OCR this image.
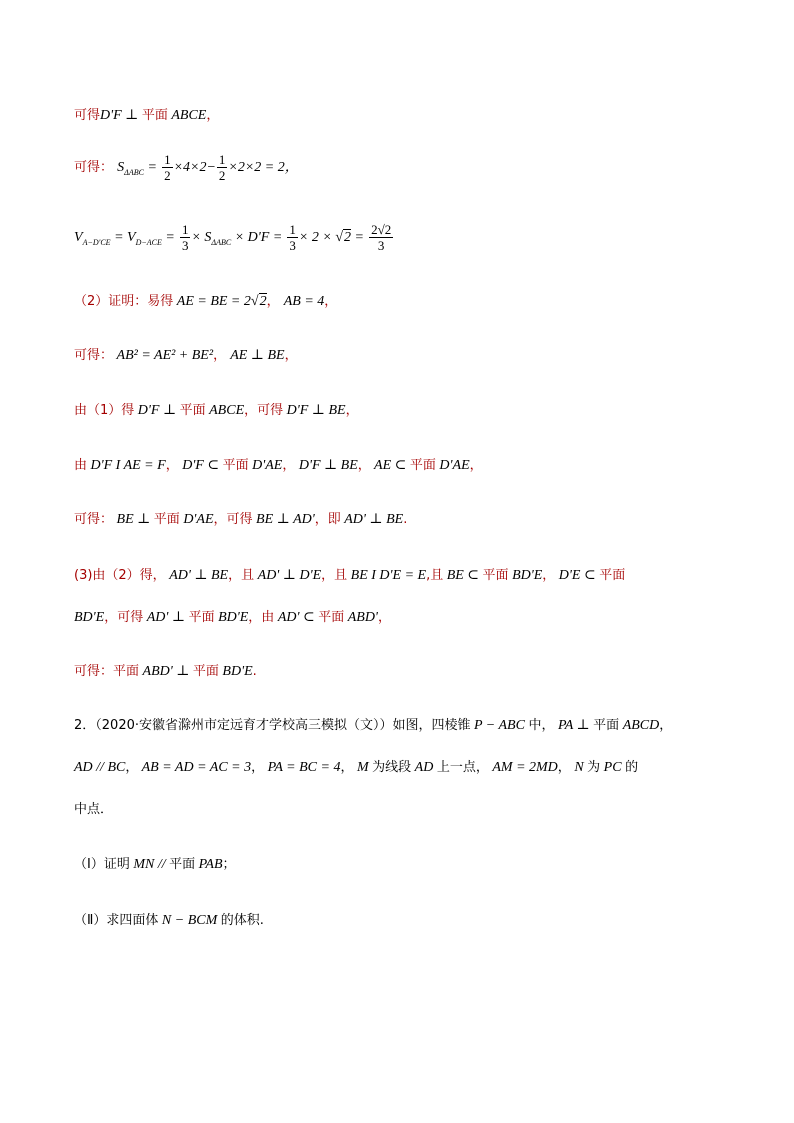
可得D'F ⊥ 平面 ABCE，
可得： $S_{\Delta ABC} = \frac{1}{2} \times 4\times 2- \frac{1}{2} \times 2\times 2 = 2$，
$V_{A-D'CE} = V_{D-ACE} = \frac{1}{3} \times S_{\Delta ABC} \times D'F = \frac{1}{3} \times 2 \times √2 = \frac{2√2}{3}$
（2）证明：易得 AE = BE = 2√2， AB = 4，
可得： AB² = AE² + BE²， AE ⊥ BE，
由（1）得 D'F ⊥ 平面 ABCE，可得 D'F ⊥ BE，
由 D'F I AE = F， D'F ⊂ 平面 D'AE， D'F ⊥ BE， AE ⊂ 平面 D'AE，
可得： BE ⊥ 平面 D'AE，可得 BE ⊥ AD'，即 AD' ⊥ BE.
(3)由（2）得， AD' ⊥ BE，且 AD' ⊥ D'E，且 BE I D'E = E,且 BE ⊂ 平面 BD'E， D'E ⊂ 平面
BD'E，可得 AD' ⊥ 平面 BD'E，由 AD' ⊂ 平面 ABD'，
可得：平面 ABD' ⊥ 平面 BD'E.
2．（2020·安徽省滁州市定远育才学校高三模拟（文））如图，四棱锥 P − ABC 中， PA ⊥ 平面 ABCD，
AD // BC， AB = AD = AC = 3， PA = BC = 4， M 为线段 AD 上一点， AM = 2MD， N 为 PC 的
中点．
（Ⅰ）证明 MN // 平面 PAB；
（Ⅱ）求四面体 N − BCM 的体积.
